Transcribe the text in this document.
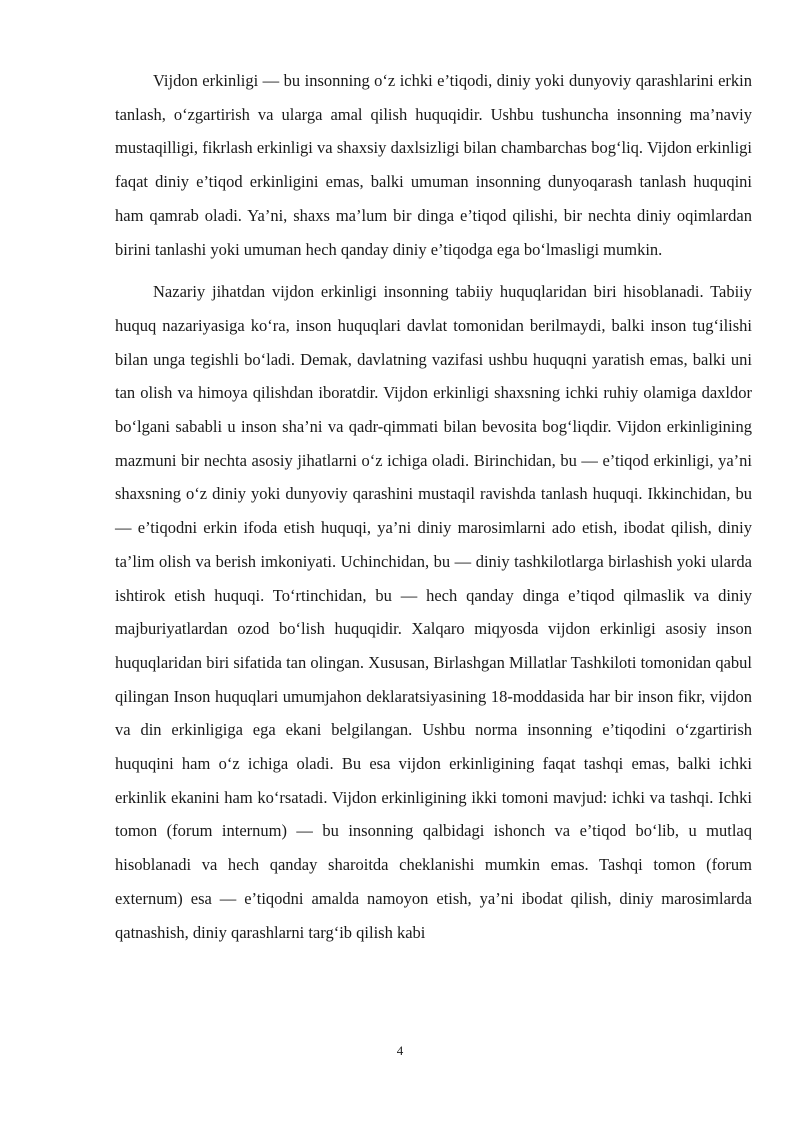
Vijdon erkinligi — bu insonning o‘z ichki e’tiqodi, diniy yoki dunyoviy qarashlarini erkin tanlash, o‘zgartirish va ularga amal qilish huquqidir. Ushbu tushuncha insonning ma’naviy mustaqilligi, fikrlash erkinligi va shaxsiy daxlsizligi bilan chambarchas bog‘liq. Vijdon erkinligi faqat diniy e’tiqod erkinligini emas, balki umuman insonning dunyoqarash tanlash huquqini ham qamrab oladi. Ya’ni, shaxs ma’lum bir dinga e’tiqod qilishi, bir nechta diniy oqimlardan birini tanlashi yoki umuman hech qanday diniy e’tiqodga ega bo‘lmasligi mumkin.

Nazariy jihatdan vijdon erkinligi insonning tabiiy huquqlaridan biri hisoblanadi. Tabiiy huquq nazariyasiga ko‘ra, inson huquqlari davlat tomonidan berilmaydi, balki inson tug‘ilishi bilan unga tegishli bo‘ladi. Demak, davlatning vazifasi ushbu huquqni yaratish emas, balki uni tan olish va himoya qilishdan iboratdir. Vijdon erkinligi shaxsning ichki ruhiy olamiga daxldor bo‘lgani sababli u inson sha’ni va qadr-qimmati bilan bevosita bog‘liqdir. Vijdon erkinligining mazmuni bir nechta asosiy jihatlarni o‘z ichiga oladi. Birinchidan, bu — e’tiqod erkinligi, ya’ni shaxsning o‘z diniy yoki dunyoviy qarashini mustaqil ravishda tanlash huquqi. Ikkinchidan, bu — e’tiqodni erkin ifoda etish huquqi, ya’ni diniy marosimlarni ado etish, ibodat qilish, diniy ta’lim olish va berish imkoniyati. Uchinchidan, bu — diniy tashkilotlarga birlashish yoki ularda ishtirok etish huquqi. To‘rtinchidan, bu — hech qanday dinga e’tiqod qilmaslik va diniy majburiyatlardan ozod bo‘lish huquqidir. Xalqaro miqyosda vijdon erkinligi asosiy inson huquqlaridan biri sifatida tan olingan. Xususan, Birlashgan Millatlar Tashkiloti tomonidan qabul qilingan Inson huquqlari umumjahon deklaratsiyasining 18-moddasida har bir inson fikr, vijdon va din erkinligiga ega ekani belgilangan. Ushbu norma insonning e’tiqodini o‘zgartirish huquqini ham o‘z ichiga oladi. Bu esa vijdon erkinligining faqat tashqi emas, balki ichki erkinlik ekanini ham ko‘rsatadi. Vijdon erkinligining ikki tomoni mavjud: ichki va tashqi. Ichki tomon (forum internum) — bu insonning qalbidagi ishonch va e’tiqod bo‘lib, u mutlaq hisoblanadi va hech qanday sharoitda cheklanishi mumkin emas. Tashqi tomon (forum externum) esa — e’tiqodni amalda namoyon etish, ya’ni ibodat qilish, diniy marosimlarda qatnashish, diniy qarashlarni targ‘ib qilish kabi

4
